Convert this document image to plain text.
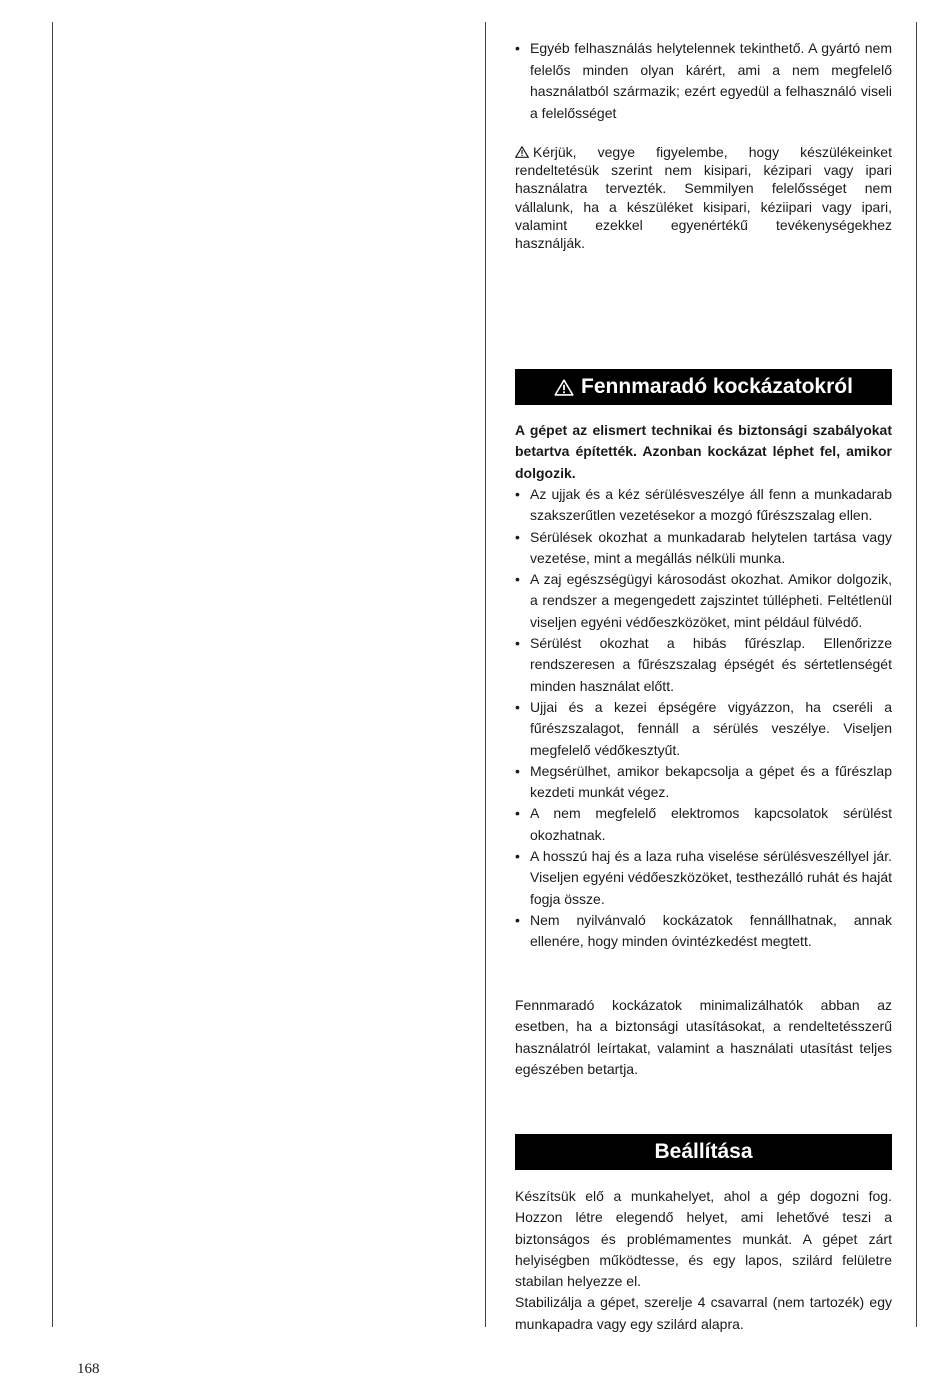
• Egyéb felhasználás helytelennek tekinthető. A gyártó nem felelős minden olyan kárért, ami a nem megfelelő használatból származik; ezért egyedül a felhasználó viseli a felelősséget
Kérjük, vegye figyelembe, hogy készülékeinket rendeltetésük szerint nem kisipari, kézipari vagy ipari használatra tervezték. Semmilyen felelősséget nem vállalunk, ha a készüléket kisipari, kéziipari vagy ipari, valamint ezekkel egyenértékű tevékenységekhez használják.
Fennmaradó kockázatokról
A gépet az elismert technikai és biztonsági szabályokat betartva építették. Azonban kockázat léphet fel, amikor dolgozik.
• Az ujjak és a kéz sérülésveszélye áll fenn a munkadarab szakszerűtlen vezetésekor a mozgó fűrészszalag ellen.
• Sérülések okozhat a munkadarab helytelen tartása vagy vezetése, mint a megállás nélküli munka.
• A zaj egészségügyi károsodást okozhat. Amikor dolgozik, a rendszer a megengedett zajszintet túllépheti. Feltétlenül viseljen egyéni védőeszközöket, mint például fülvédő.
• Sérülést okozhat a hibás fűrészlap. Ellenőrizze rendszeresen a fűrészszalag épségét és sértetlenségét minden használat előtt.
• Ujjai és a kezei épségére vigyázzon, ha cseréli a fűrészszalagot, fennáll a sérülés veszélye. Viseljen megfelelő védőkesztyűt.
• Megsérülhet, amikor bekapcsolja a gépet és a fűrészlap kezdeti munkát végez.
• A nem megfelelő elektromos kapcsolatok sérülést okozhatnak.
• A hosszú haj és a laza ruha viselése sérülésveszéllyel jár. Viseljen egyéni védőeszközöket, testhezálló ruhát és haját fogja össze.
• Nem nyilvánvaló kockázatok fennállhatnak, annak ellenére, hogy minden óvintézkedést megtett.
Fennmaradó kockázatok minimalizálhatók abban az esetben, ha a biztonsági utasításokat, a rendeltetésszerű használatról leírtakat, valamint a használati utasítást teljes egészében betartja.
Beállítása

Készítsük elő a munkahelyet, ahol a gép dogozni fog. Hozzon létre elegendő helyet, ami lehetővé teszi a biztonságos és problémamentes munkát. A gépet zárt helyiségben működtesse, és egy lapos, szilárd felületre stabilan helyezze el.

Stabilizálja a gépet, szerelje 4 csavarral (nem tartozék) egy munkapadra vagy egy szilárd alapra.

168
